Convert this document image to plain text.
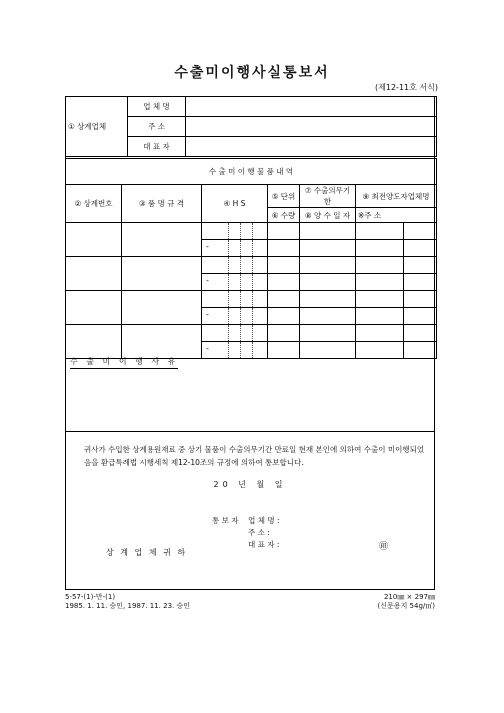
수출미이행사실통보서
(제12-11호 서식)
① 상계업체	업 체 명	
	주 소	
	대 표 자	
수 출 미 이 행 물 품 내 역						
② 상계번호	③ 품 명 규 격	④ H S	⑤ 단위	⑦ 수출의무기한	⑨ 최전양도자업체명	
			⑥ 수량	⑧ 양 수 일 자	※주 소	

		-				

		-				

		-				

		-				

수 출 미 이 행 사 유
귀사가 수입한 상계용원재료 중 상기 물품이 수출의무기간 만료일 현재 본인에 의하여 수출이 미이행되었음을 환급특례법 시행세칙 제12-10조의 규정에 의하여 통보합니다.
20 년 월 일
통 보 자 업 체 명 :
주 소 :
대 표 자 :	㊞
상 계 업 체 귀 하
5-57-(1)-만-(1)
1985. 1. 11. 승인, 1987. 11. 23. 승인
210㎜ × 297㎜
(신문용지 54g/㎡)
